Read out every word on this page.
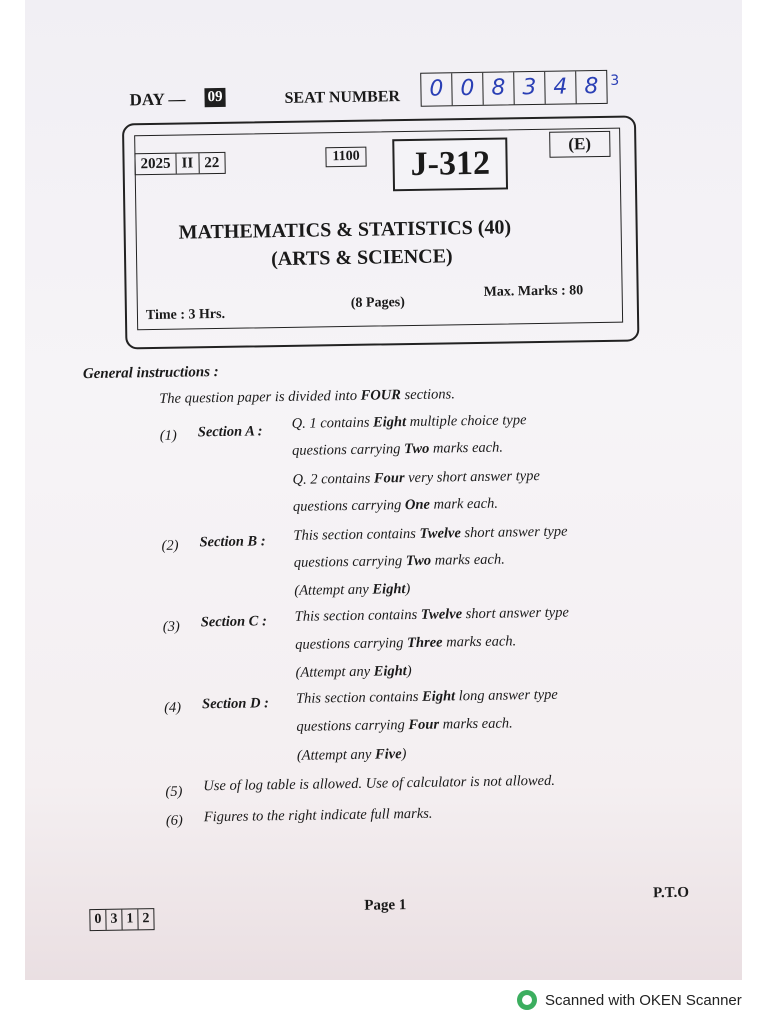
DAY — 09	SEAT NUMBER	0 0 8 3 4 8 3
2025 II 22	1100	J-312
(E)
MATHEMATICS & STATISTICS (40)
(ARTS & SCIENCE)
Time : 3 Hrs.
(8 Pages)
Max. Marks : 80
General instructions :
The question paper is divided into FOUR sections.
(1) Section A : Q. 1 contains Eight multiple choice type
questions carrying Two marks each.
Q. 2 contains Four very short answer type
questions carrying One mark each.
(2) Section B : This section contains Twelve short answer type
questions carrying Two marks each.
(Attempt any Eight)
(3) Section C : This section contains Twelve short answer type
questions carrying Three marks each.
(Attempt any Eight)
(4) Section D : This section contains Eight long answer type
questions carrying Four marks each.
(Attempt any Five)
(5) Use of log table is allowed. Use of calculator is not allowed.
(6) Figures to the right indicate full marks.
0 3 1 2
Page 1
P.T.O
Scanned with OKEN Scanner
